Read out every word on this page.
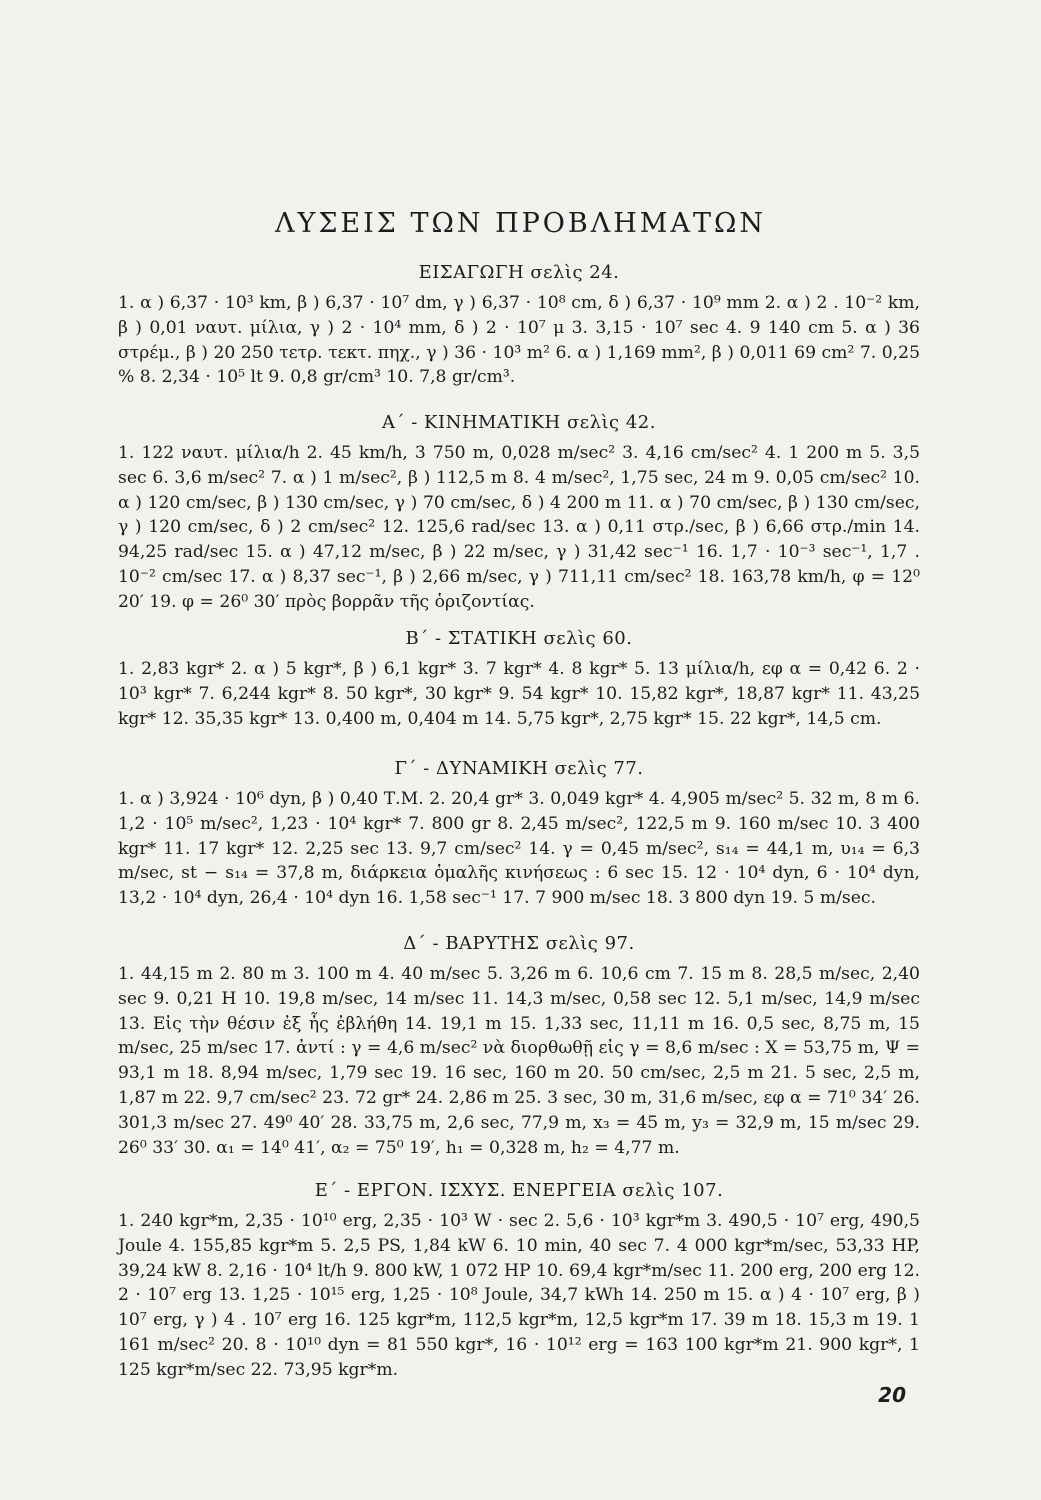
ΛΥΣΕΙΣ ΤΩΝ ΠΡΟΒΛΗΜΑΤΩΝ
ΕΙΣΑΓΩΓΗ σελὶς 24.
1. α ) 6,37 · 10³ km, β ) 6,37 · 10⁷ dm, γ ) 6,37 · 10⁸ cm, δ ) 6,37 · 10⁹ mm 2. α ) 2 . 10⁻² km, β ) 0,01 ναυτ. μίλια, γ ) 2 · 10⁴ mm, δ ) 2 · 10⁷ μ 3. 3,15 · 10⁷ sec 4. 9 140 cm 5. α ) 36 στρέμ., β ) 20 250 τετρ. τεκτ. πηχ., γ ) 36 · 10³ m² 6. α ) 1,169 mm², β ) 0,011 69 cm² 7. 0,25 % 8. 2,34 · 10⁵ lt 9. 0,8 gr/cm³ 10. 7,8 gr/cm³.
Α΄ - ΚΙΝΗΜΑΤΙΚΗ σελὶς 42.
1. 122 ναυτ. μίλια/h 2. 45 km/h, 3 750 m, 0,028 m/sec² 3. 4,16 cm/sec² 4. 1 200 m 5. 3,5 sec 6. 3,6 m/sec² 7. α ) 1 m/sec², β ) 112,5 m 8. 4 m/sec², 1,75 sec, 24 m 9. 0,05 cm/sec² 10. α ) 120 cm/sec, β ) 130 cm/sec, γ ) 70 cm/sec, δ ) 4 200 m 11. α ) 70 cm/sec, β ) 130 cm/sec, γ ) 120 cm/sec, δ ) 2 cm/sec² 12. 125,6 rad/sec 13. α ) 0,11 στρ./sec, β ) 6,66 στρ./min 14. 94,25 rad/sec 15. α ) 47,12 m/sec, β ) 22 m/sec, γ ) 31,42 sec⁻¹ 16. 1,7 · 10⁻³ sec⁻¹, 1,7 . 10⁻² cm/sec 17. α ) 8,37 sec⁻¹, β ) 2,66 m/sec, γ ) 711,11 cm/sec² 18. 163,78 km/h, φ = 12⁰ 20′ 19. φ = 26⁰ 30′ πρὸς βορρᾶν τῆς ὁριζοντίας.
Β΄ - ΣΤΑΤΙΚΗ σελὶς 60.
1. 2,83 kgr* 2. α ) 5 kgr*, β ) 6,1 kgr* 3. 7 kgr* 4. 8 kgr* 5. 13 μίλια/h, εφ α = 0,42 6. 2 · 10³ kgr* 7. 6,244 kgr* 8. 50 kgr*, 30 kgr* 9. 54 kgr* 10. 15,82 kgr*, 18,87 kgr* 11. 43,25 kgr* 12. 35,35 kgr* 13. 0,400 m, 0,404 m 14. 5,75 kgr*, 2,75 kgr* 15. 22 kgr*, 14,5 cm.
Γ΄ - ΔΥΝΑΜΙΚΗ σελὶς 77.
1. α ) 3,924 · 10⁶ dyn, β ) 0,40 Τ.Μ. 2. 20,4 gr* 3. 0,049 kgr* 4. 4,905 m/sec² 5. 32 m, 8 m 6. 1,2 · 10⁵ m/sec², 1,23 · 10⁴ kgr* 7. 800 gr 8. 2,45 m/sec², 122,5 m 9. 160 m/sec 10. 3 400 kgr* 11. 17 kgr* 12. 2,25 sec 13. 9,7 cm/sec² 14. γ = 0,45 m/sec², s₁₄ = 44,1 m, υ₁₄ = 6,3 m/sec, st − s₁₄ = 37,8 m, διάρκεια ὁμαλῆς κινήσεως : 6 sec 15. 12 · 10⁴ dyn, 6 · 10⁴ dyn, 13,2 · 10⁴ dyn, 26,4 · 10⁴ dyn 16. 1,58 sec⁻¹ 17. 7 900 m/sec 18. 3 800 dyn 19. 5 m/sec.
Δ΄ - ΒΑΡΥΤΗΣ σελὶς 97.
1. 44,15 m 2. 80 m 3. 100 m 4. 40 m/sec 5. 3,26 m 6. 10,6 cm 7. 15 m 8. 28,5 m/sec, 2,40 sec 9. 0,21 Η 10. 19,8 m/sec, 14 m/sec 11. 14,3 m/sec, 0,58 sec 12. 5,1 m/sec, 14,9 m/sec 13. Εἰς τὴν θέσιν ἐξ ἧς ἐβλήθη 14. 19,1 m 15. 1,33 sec, 11,11 m 16. 0,5 sec, 8,75 m, 15 m/sec, 25 m/sec 17. ἀντί : γ = 4,6 m/sec² νὰ διορθωθῇ εἰς γ = 8,6 m/sec : X = 53,75 m, Ψ = 93,1 m 18. 8,94 m/sec, 1,79 sec 19. 16 sec, 160 m 20. 50 cm/sec, 2,5 m 21. 5 sec, 2,5 m, 1,87 m 22. 9,7 cm/sec² 23. 72 gr* 24. 2,86 m 25. 3 sec, 30 m, 31,6 m/sec, εφ α = 71⁰ 34′ 26. 301,3 m/sec 27. 49⁰ 40′ 28. 33,75 m, 2,6 sec, 77,9 m, x₃ = 45 m, y₃ = 32,9 m, 15 m/sec 29. 26⁰ 33′ 30. α₁ = 14⁰ 41′, α₂ = 75⁰ 19′, h₁ = 0,328 m, h₂ = 4,77 m.
Ε΄ - ΕΡΓΟΝ. ΙΣΧΥΣ. ΕΝΕΡΓΕΙΑ σελὶς 107.
1. 240 kgr*m, 2,35 · 10¹⁰ erg, 2,35 · 10³ W · sec 2. 5,6 · 10³ kgr*m 3. 490,5 · 10⁷ erg, 490,5 Joule 4. 155,85 kgr*m 5. 2,5 PS, 1,84 kW 6. 10 min, 40 sec 7. 4 000 kgr*m/sec, 53,33 HP, 39,24 kW 8. 2,16 · 10⁴ lt/h 9. 800 kW, 1 072 HP 10. 69,4 kgr*m/sec 11. 200 erg, 200 erg 12. 2 · 10⁷ erg 13. 1,25 · 10¹⁵ erg, 1,25 · 10⁸ Joule, 34,7 kWh 14. 250 m 15. α ) 4 · 10⁷ erg, β ) 10⁷ erg, γ ) 4 . 10⁷ erg 16. 125 kgr*m, 112,5 kgr*m, 12,5 kgr*m 17. 39 m 18. 15,3 m 19. 1 161 m/sec² 20. 8 · 10¹⁰ dyn = 81 550 kgr*, 16 · 10¹² erg = 163 100 kgr*m 21. 900 kgr*, 1 125 kgr*m/sec 22. 73,95 kgr*m.
20
